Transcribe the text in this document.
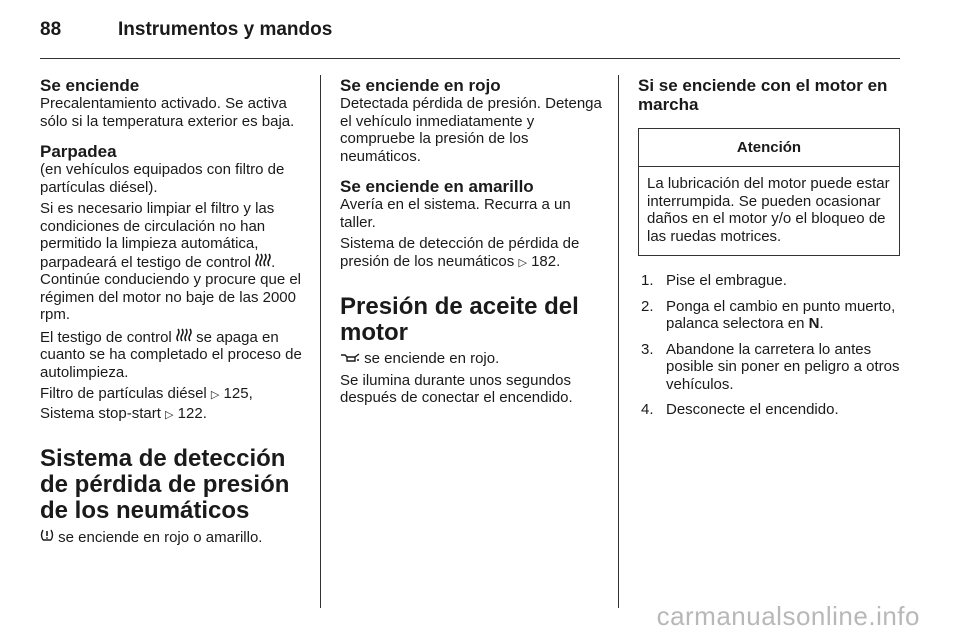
88	Instrumentos y mandos
Se enciende

Precalentamiento activado. Se activa sólo si la temperatura exterior es baja.

Parpadea

(en vehículos equipados con filtro de partículas diésel).

Si es necesario limpiar el filtro y las condiciones de circulación no han permitido la limpieza automática, parpadeará el testigo de control . Continúe conduciendo y procure que el régimen del motor no baje de las 2000 rpm.

El testigo de control  se apaga en cuanto se ha completado el proceso de autolimpieza.

Filtro de partículas diésel ▷ 125, Sistema stop-start ▷ 122.

Sistema de detección de pérdida de presión de los neumáticos

se enciende en rojo o amarillo.

Se enciende en rojo

Detectada pérdida de presión. Detenga el vehículo inmediatamente y compruebe la presión de los neumáticos.

Se enciende en amarillo

Avería en el sistema. Recurra a un taller.

Sistema de detección de pérdida de presión de los neumáticos ▷ 182.

Presión de aceite del motor

se enciende en rojo.

Se ilumina durante unos segundos después de conectar el encendido.

Si se enciende con el motor en marcha
Atención
La lubricación del motor puede estar interrumpida. Se pueden ocasionar daños en el motor y/o el bloqueo de las ruedas motrices.
1. Pise el embrague.
2. Ponga el cambio en punto muerto, palanca selectora en N.
3. Abandone la carretera lo antes posible sin poner en peligro a otros vehículos.
4. Desconecte el encendido.
carmanualsonline.info
